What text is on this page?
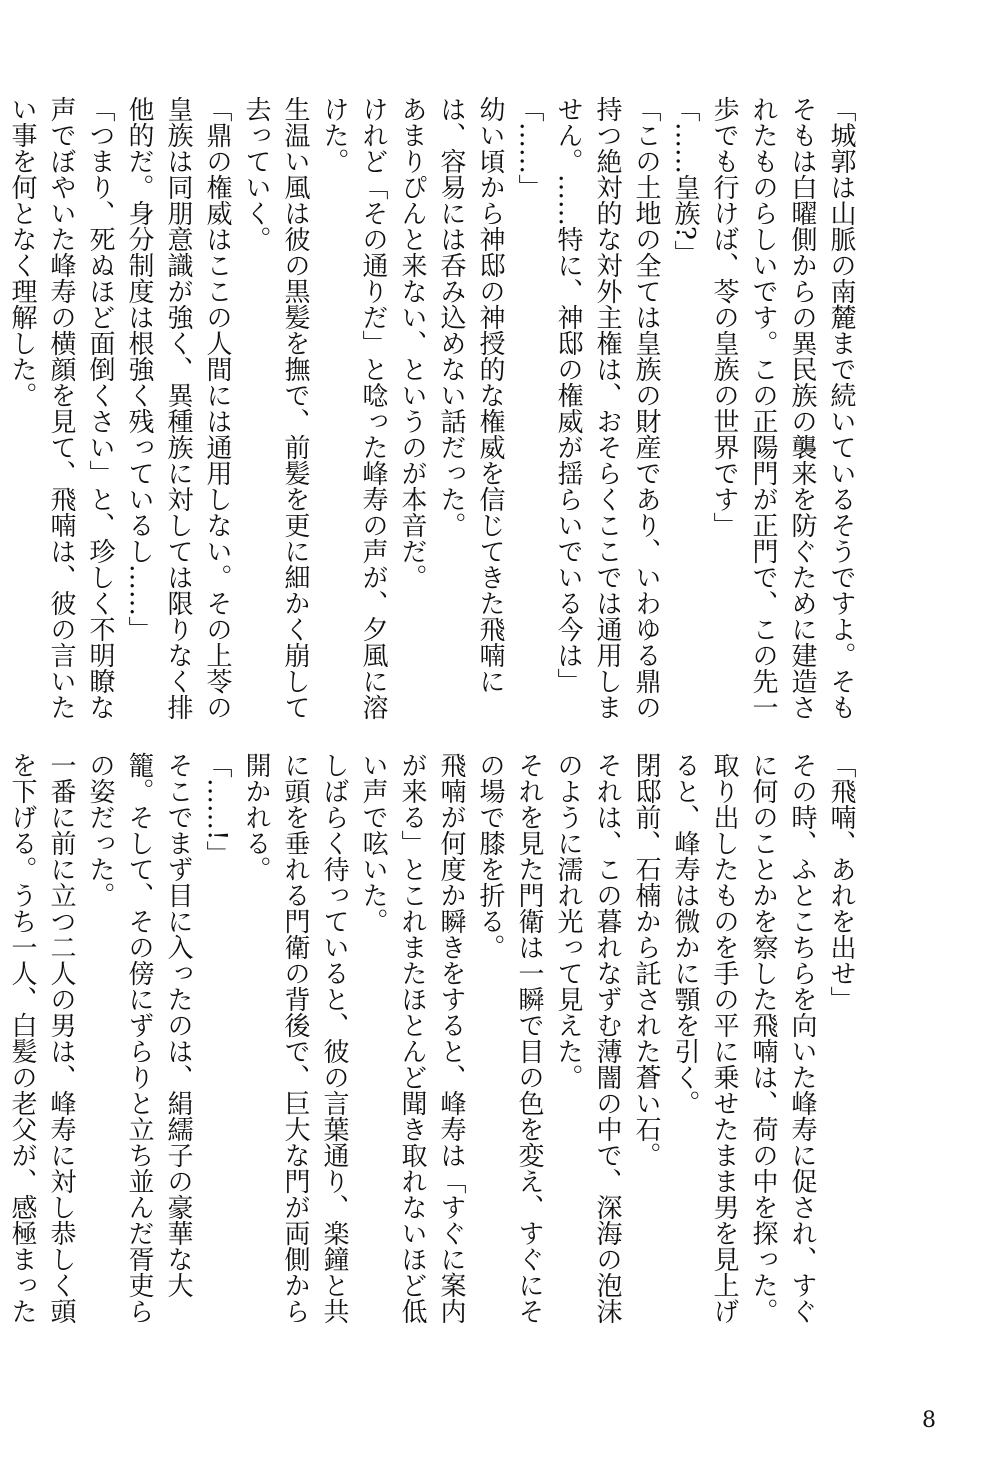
「城郭は山脈の南麓まで続いているそうですよ。そもそもは白曜側からの異民族の襲来を防ぐために建造されたものらしいです。この正陽門が正門で、この先一歩でも行けば、苓の皇族の世界です」

「……皇族?」

「この土地の全ては皇族の財産であり、いわゆる鼎の持つ絶対的な対外主権は、おそらくここでは通用しません。……特に、神邸の権威が揺らいでいる今は」

「……」

幼い頃から神邸の神授的な権威を信じてきた飛喃には、容易には呑み込めない話だった。

あまりぴんと来ない、というのが本音だ。

けれど「その通りだ」と唸った峰寿の声が、夕風に溶けた。

生温い風は彼の黒髪を撫で、前髪を更に細かく崩して去っていく。

「鼎の権威はここの人間には通用しない。その上苓の皇族は同朋意識が強く、異種族に対しては限りなく排他的だ。身分制度は根強く残っているし……」

「つまり、死ぬほど面倒くさい」と、珍しく不明瞭な声でぼやいた峰寿の横顔を見て、飛喃は、彼の言いたい事を何となく理解した。

「飛喃、あれを出せ」

その時、ふとこちらを向いた峰寿に促され、すぐに何のことかを察した飛喃は、荷の中を探った。取り出したものを手の平に乗せたまま男を見上げると、峰寿は微かに顎を引く。

閉邸前、石楠から託された蒼い石。

それは、この暮れなずむ薄闇の中で、深海の泡沫のように濡れ光って見えた。

それを見た門衛は一瞬で目の色を変え、すぐにその場で膝を折る。

飛喃が何度か瞬きをすると、峰寿は「すぐに案内が来る」とこれまたほとんど聞き取れないほど低い声で呟いた。

しばらく待っていると、彼の言葉通り、楽鐘と共に頭を垂れる門衛の背後で、巨大な門が両側から開かれる。

「……!」

そこでまず目に入ったのは、絹繻子の豪華な大籠。そして、その傍にずらりと立ち並んだ胥吏らの姿だった。

一番に前に立つ二人の男は、峰寿に対し恭しく頭を下げる。うち一人、白髪の老父が、感極まった

8
